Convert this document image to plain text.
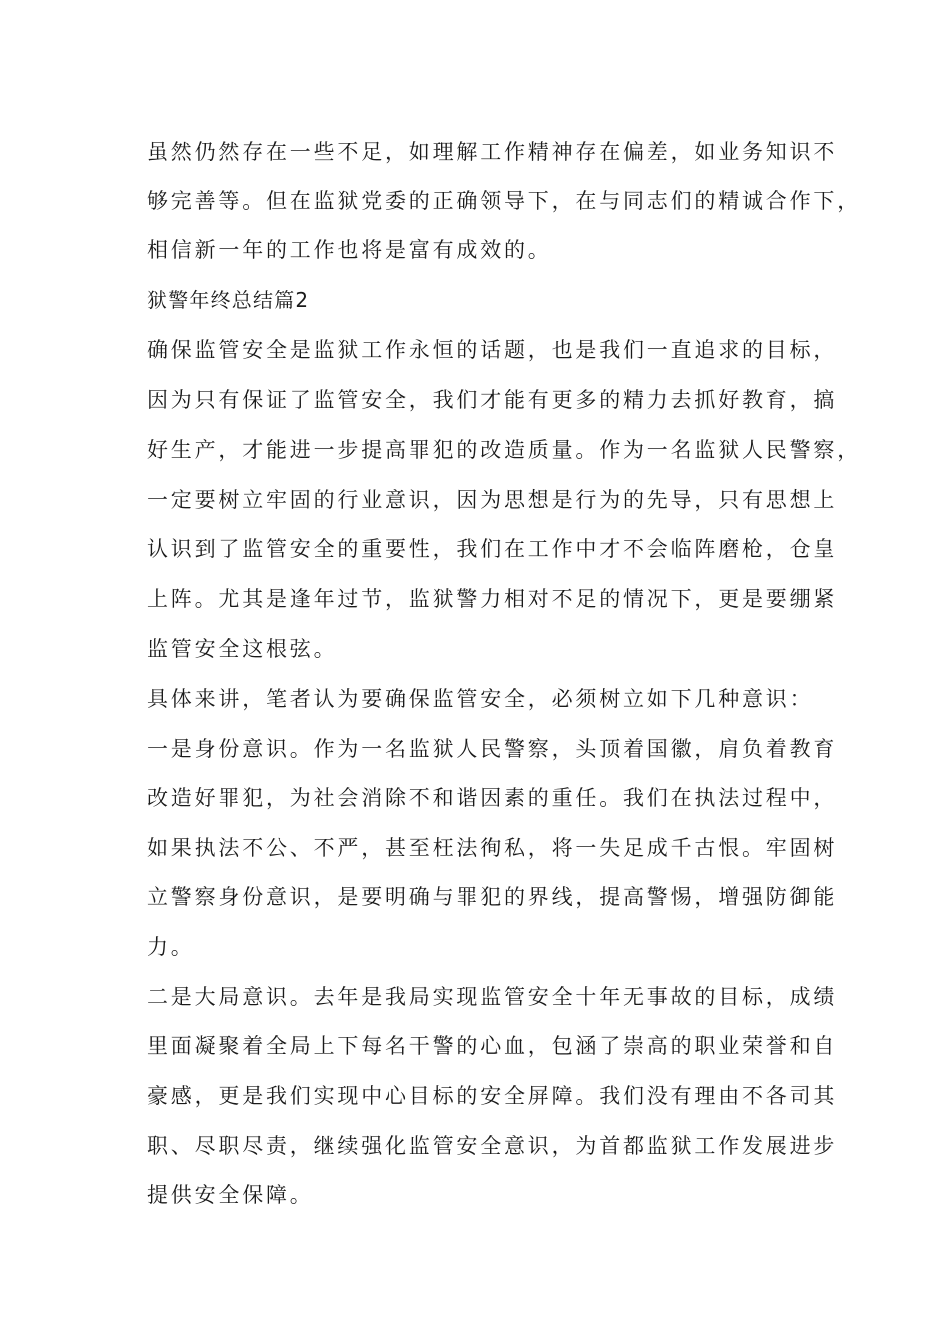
虽然仍然存在一些不足，如理解工作精神存在偏差，如业务知识不
够完善等。但在监狱党委的正确领导下，在与同志们的精诚合作下，
相信新一年的工作也将是富有成效的。
狱警年终总结篇2
确保监管安全是监狱工作永恒的话题，也是我们一直追求的目标，
因为只有保证了监管安全，我们才能有更多的精力去抓好教育，搞
好生产，才能进一步提高罪犯的改造质量。作为一名监狱人民警察，
一定要树立牢固的行业意识，因为思想是行为的先导，只有思想上
认识到了监管安全的重要性，我们在工作中才不会临阵磨枪，仓皇
上阵。尤其是逢年过节，监狱警力相对不足的情况下，更是要绷紧
监管安全这根弦。
具体来讲，笔者认为要确保监管安全，必须树立如下几种意识：
一是身份意识。作为一名监狱人民警察，头顶着国徽，肩负着教育
改造好罪犯，为社会消除不和谐因素的重任。我们在执法过程中，
如果执法不公、不严，甚至枉法徇私，将一失足成千古恨。牢固树
立警察身份意识，是要明确与罪犯的界线，提高警惕，增强防御能
力。
二是大局意识。去年是我局实现监管安全十年无事故的目标，成绩
里面凝聚着全局上下每名干警的心血，包涵了崇高的职业荣誉和自
豪感，更是我们实现中心目标的安全屏障。我们没有理由不各司其
职、尽职尽责，继续强化监管安全意识，为首都监狱工作发展进步
提供安全保障。
